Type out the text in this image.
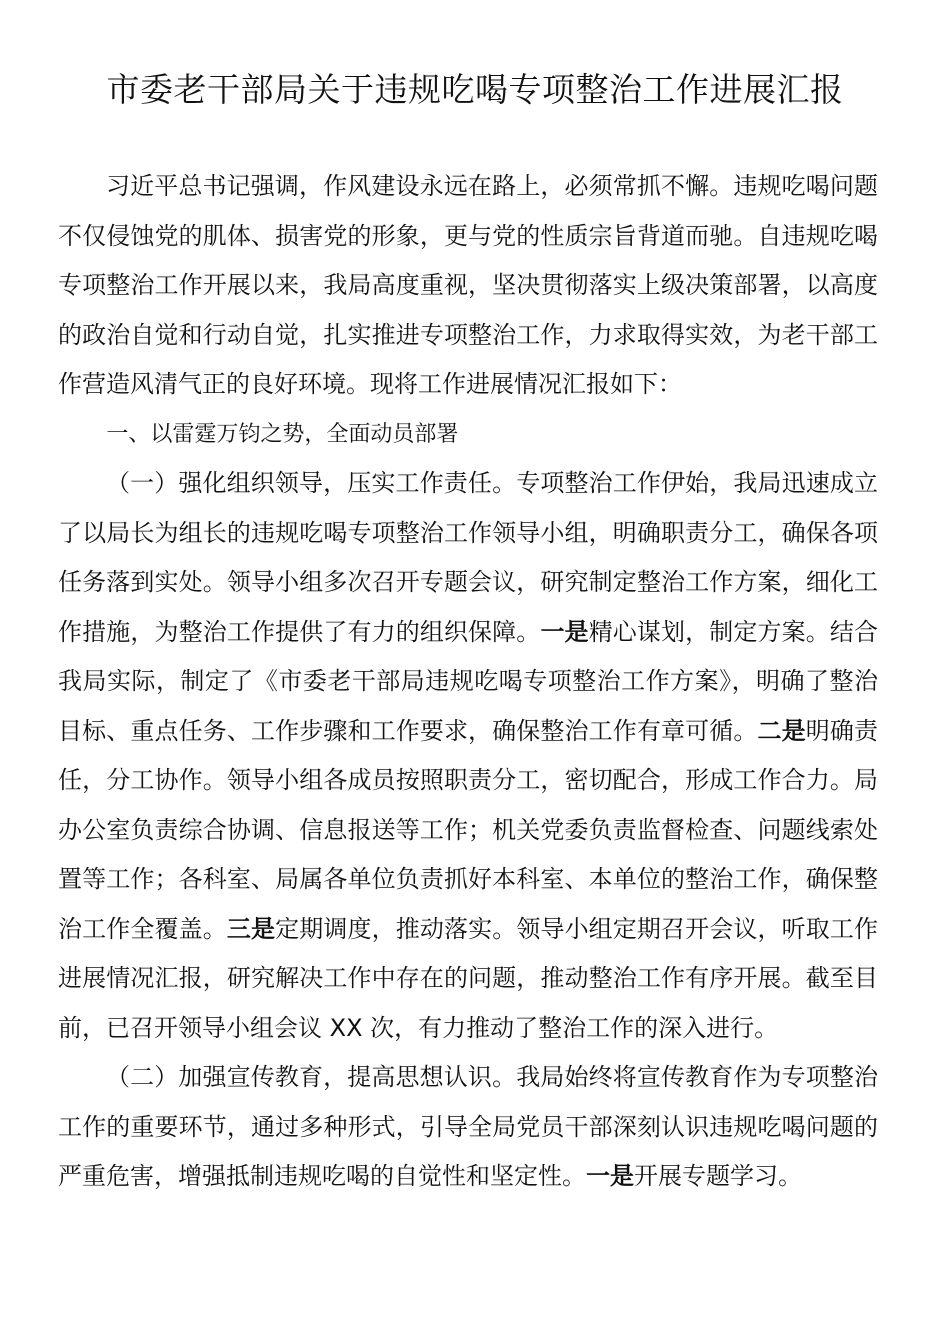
市委老干部局关于违规吃喝专项整治工作进展汇报

习近平总书记强调，作风建设永远在路上，必须常抓不懈。违规吃喝问题不仅侵蚀党的肌体、损害党的形象，更与党的性质宗旨背道而驰。自违规吃喝专项整治工作开展以来，我局高度重视，坚决贯彻落实上级决策部署，以高度的政治自觉和行动自觉，扎实推进专项整治工作，力求取得实效，为老干部工作营造风清气正的良好环境。现将工作进展情况汇报如下：

一、以雷霆万钧之势，全面动员部署

（一）强化组织领导，压实工作责任。专项整治工作伊始，我局迅速成立了以局长为组长的违规吃喝专项整治工作领导小组，明确职责分工，确保各项任务落到实处。领导小组多次召开专题会议，研究制定整治工作方案，细化工作措施，为整治工作提供了有力的组织保障。一是精心谋划，制定方案。结合我局实际，制定了《市委老干部局违规吃喝专项整治工作方案》，明确了整治目标、重点任务、工作步骤和工作要求，确保整治工作有章可循。二是明确责任，分工协作。领导小组各成员按照职责分工，密切配合，形成工作合力。局办公室负责综合协调、信息报送等工作；机关党委负责监督检查、问题线索处置等工作；各科室、局属各单位负责抓好本科室、本单位的整治工作，确保整治工作全覆盖。三是定期调度，推动落实。领导小组定期召开会议，听取工作进展情况汇报，研究解决工作中存在的问题，推动整治工作有序开展。截至目前，已召开领导小组会议 XX 次，有力推动了整治工作的深入进行。

（二）加强宣传教育，提高思想认识。我局始终将宣传教育作为专项整治工作的重要环节，通过多种形式，引导全局党员干部深刻认识违规吃喝问题的严重危害，增强抵制违规吃喝的自觉性和坚定性。一是开展专题学习。
